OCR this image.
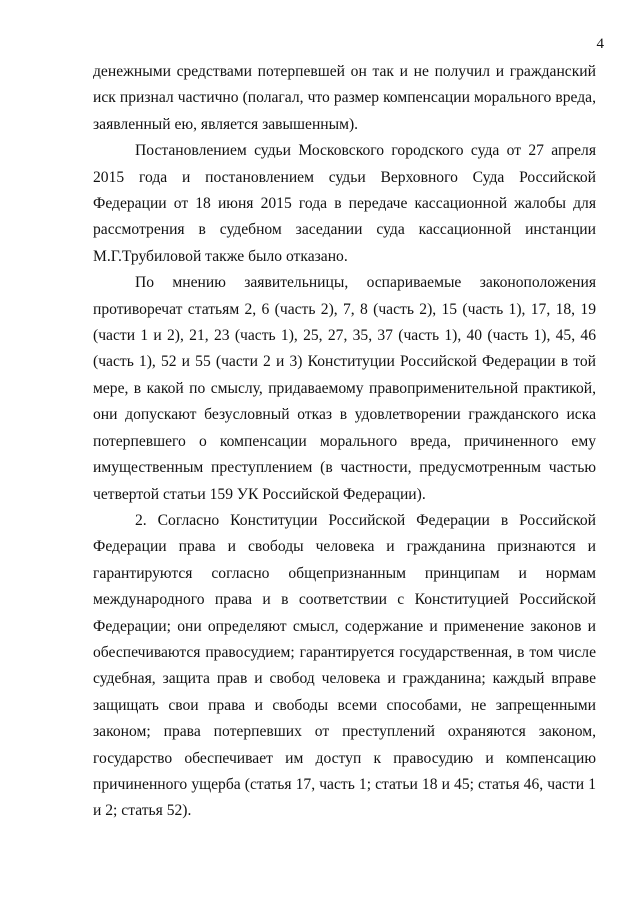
4

денежными средствами потерпевшей он так и не получил и гражданский иск признал частично (полагал, что размер компенсации морального вреда, заявленный ею, является завышенным).

Постановлением судьи Московского городского суда от 27 апреля 2015 года и постановлением судьи Верховного Суда Российской Федерации от 18 июня 2015 года в передаче кассационной жалобы для рассмотрения в судебном заседании суда кассационной инстанции М.Г.Трубиловой также было отказано.

По мнению заявительницы, оспариваемые законоположения противоречат статьям 2, 6 (часть 2), 7, 8 (часть 2), 15 (часть 1), 17, 18, 19 (части 1 и 2), 21, 23 (часть 1), 25, 27, 35, 37 (часть 1), 40 (часть 1), 45, 46 (часть 1), 52 и 55 (части 2 и 3) Конституции Российской Федерации в той мере, в какой по смыслу, придаваемому правоприменительной практикой, они допускают безусловный отказ в удовлетворении гражданского иска потерпевшего о компенсации морального вреда, причиненного ему имущественным преступлением (в частности, предусмотренным частью четвертой статьи 159 УК Российской Федерации).

2. Согласно Конституции Российской Федерации в Российской Федерации права и свободы человека и гражданина признаются и гарантируются согласно общепризнанным принципам и нормам международного права и в соответствии с Конституцией Российской Федерации; они определяют смысл, содержание и применение законов и обеспечиваются правосудием; гарантируется государственная, в том числе судебная, защита прав и свобод человека и гражданина; каждый вправе защищать свои права и свободы всеми способами, не запрещенными законом; права потерпевших от преступлений охраняются законом, государство обеспечивает им доступ к правосудию и компенсацию причиненного ущерба (статья 17, часть 1; статьи 18 и 45; статья 46, части 1 и 2; статья 52).
